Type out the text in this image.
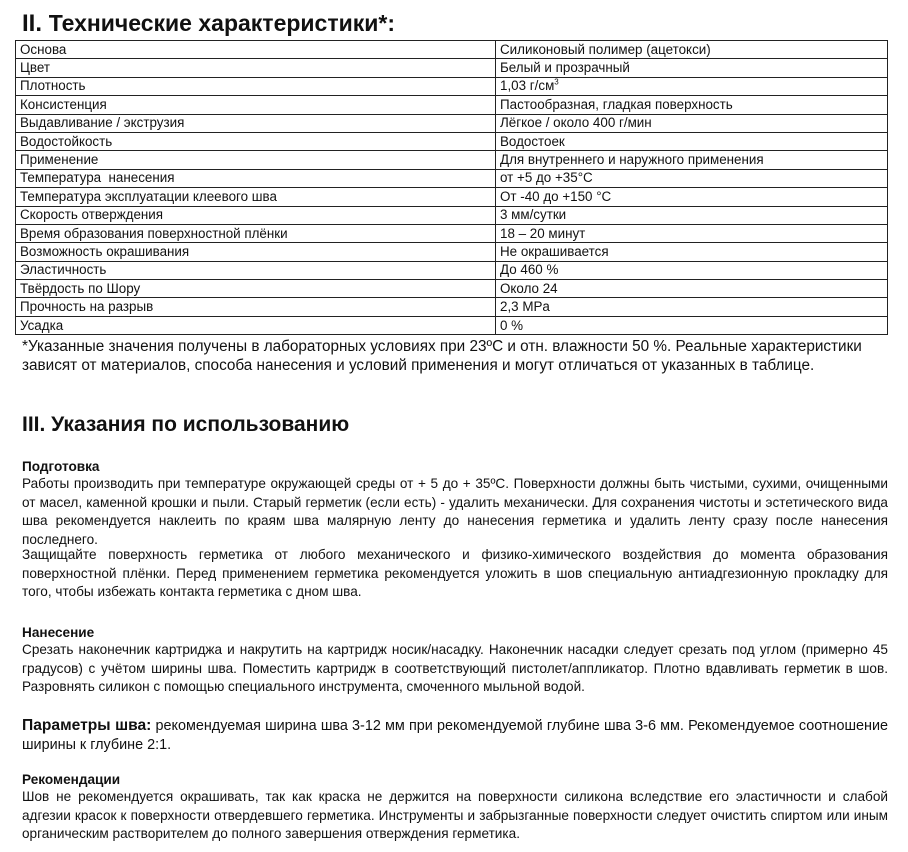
II. Технические характеристики*:
Основа	Силиконовый полимер (ацетокси)
Цвет	Белый и прозрачный
Плотность	1,03 $г/см^3$
Консистенция	Пастообразная, гладкая поверхность
Выдавливание / экструзия	Лёгкое / около 400 г/мин
Водостойкость	Водостоек
Применение	Для внутреннего и наружного применения
Температура  нанесения	от +5 до +35°С
Температура эксплуатации клеевого шва	От -40 до +150 °С
Скорость отверждения	3 мм/сутки
Время образования поверхностной плёнки	18 – 20 минут
Возможность окрашивания	Не окрашивается
Эластичность	До 460 %
Твёрдость по Шору	Около 24
Прочность на разрыв	2,3 MPa
Усадка	0 %

*Указанные значения получены в лабораторных условиях при 23ºС и отн. влажности 50 %. Реальные характеристики зависят от материалов, способа нанесения и условий применения и могут отличаться от указанных в таблице.

III. Указания по использованию

Подготовка

Работы производить при температуре окружающей среды от + 5 до + 35ºС. Поверхности должны быть чистыми, сухими, очищенными от масел, каменной крошки и пыли. Старый герметик (если есть) - удалить механически. Для сохранения чистоты и эстетического вида шва рекомендуется наклеить по краям шва малярную ленту до нанесения герметика и удалить ленту сразу после нанесения последнего.

Защищайте поверхность герметика от любого механического и физико-химического воздействия до момента образования поверхностной плёнки. Перед применением герметика рекомендуется уложить в шов специальную антиадгезионную прокладку для того, чтобы избежать контакта герметика с дном шва.

Нанесение

Срезать наконечник картриджа и накрутить на картридж носик/насадку. Наконечник насадки следует срезать под углом (примерно 45 градусов) с учётом ширины шва. Поместить картридж в соответствующий пистолет/аппликатор. Плотно вдавливать герметик в шов. Разровнять силикон с помощью специального инструмента, смоченного мыльной водой.

Параметры шва: рекомендуемая ширина шва 3-12 мм при рекомендуемой глубине шва 3-6 мм. Рекомендуемое соотношение ширины к глубине 2:1.

Рекомендации

Шов не рекомендуется окрашивать, так как краска не держится на поверхности силикона вследствие его эластичности и слабой адгезии красок к поверхности отвердевшего герметика. Инструменты и забрызганные поверхности следует очистить спиртом или иным органическим растворителем до полного завершения отверждения герметика.
